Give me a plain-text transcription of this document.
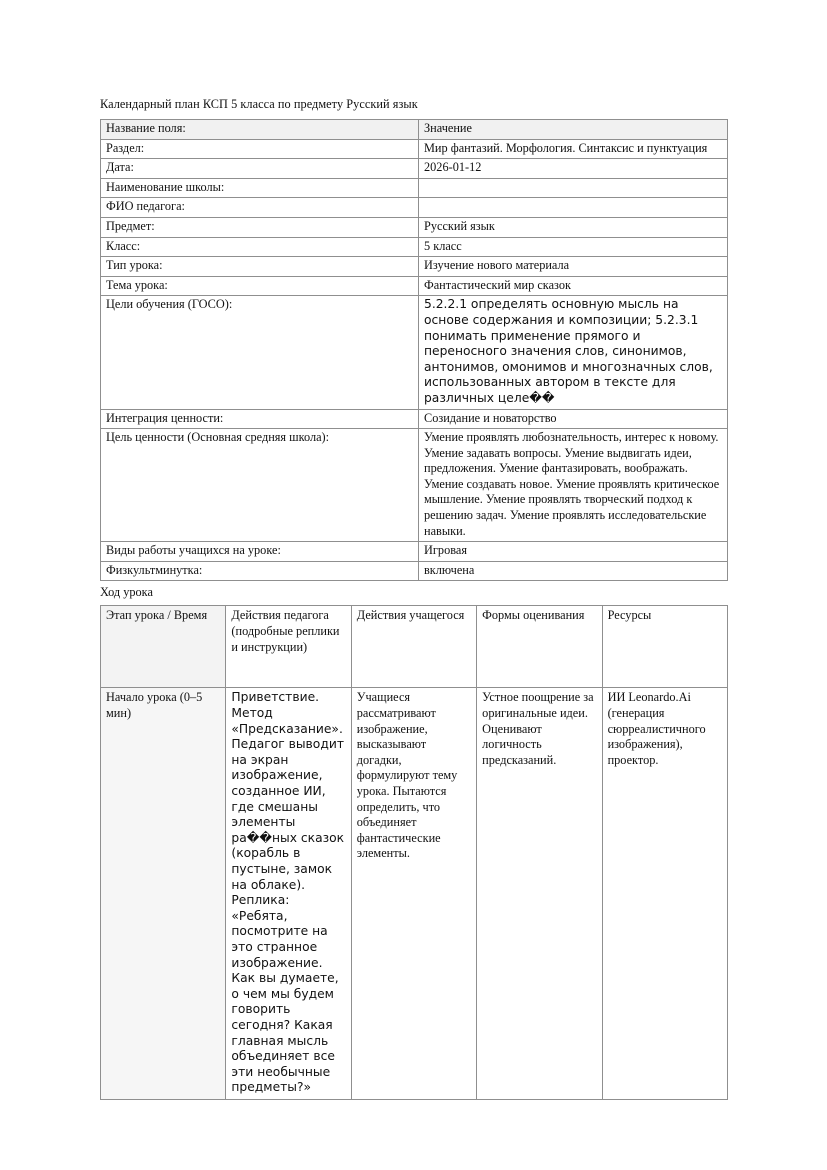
Календарный план КСП 5 класса по предмету Русский язык

Название поля:	Значение
Раздел:	Мир фантазий. Морфология. Синтаксис и пунктуация
Дата:	2026-01-12
Наименование школы:	
ФИО педагога:	
Предмет:	Русский язык
Класс:	5 класс
Тип урока:	Изучение нового материала
Тема урока:	Фантастический мир сказок
Цели обучения (ГОСО):	5.2.2.1 определять основную мысль на основе содержания и композиции; 5.2.3.1 понимать применение прямого и переносного значения слов, синонимов, антонимов, омонимов и многозначных слов, использованных автором в тексте для различных целе��
Интеграция ценности:	Созидание и новаторство
Цель ценности (Основная средняя школа):	Умение проявлять любознательность, интерес к новому. Умение задавать вопросы. Умение выдвигать идеи, предложения. Умение фантазировать, воображать. Умение создавать новое. Умение проявлять критическое мышление. Умение проявлять творческий подход к решению задач. Умение проявлять исследовательские навыки.
Виды работы учащихся на уроке:	Игровая
Физкультминутка:	включена

Ход урока

Этап урока / Время	Действия педагога (подробные реплики и инструкции)	Действия учащегося	Формы оценивания	Ресурсы
Начало урока (0–5 мин)	Приветствие. Метод «Предсказание». Педагог выводит на экран изображение, созданное ИИ, где смешаны элементы ра��ных сказок (корабль в пустыне, замок на облаке). Реплика: «Ребята, посмотрите на это странное изображение. Как вы думаете, о чем мы будем говорить сегодня? Какая главная мысль объединяет все эти необычные предметы?»	Учащиеся рассматривают изображение, высказывают догадки, формулируют тему урока. Пытаются определить, что объединяет фантастические элементы.	Устное поощрение за оригинальные идеи. Оценивают логичность предсказаний.	ИИ Leonardo.Ai (генерация сюрреалистичного изображения), проектор.
